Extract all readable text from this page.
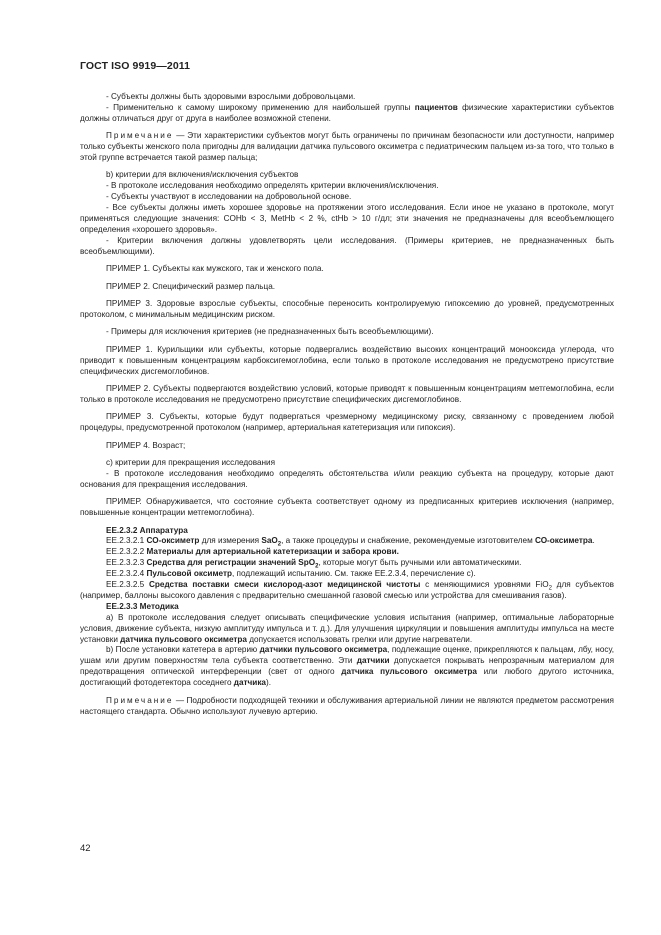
ГОСТ ISO 9919—2011

- Субъекты должны быть здоровыми взрослыми добровольцами.

- Применительно к самому широкому применению для наибольшей группы пациентов физические характеристики субъектов должны отличаться друг от друга в наиболее возможной степени.

Примечание — Эти характеристики субъектов могут быть ограничены по причинам безопасности или доступности, например только субъекты женского пола пригодны для валидации датчика пульсового оксиметра с педиатрическим пальцем из-за того, что только в этой группе встречается такой размер пальца;

b) критерии для включения/исключения субъектов

- В протоколе исследования необходимо определять критерии включения/исключения.

- Субъекты участвуют в исследовании на добровольной основе.

- Все субъекты должны иметь хорошее здоровье на протяжении этого исследования. Если иное не указано в протоколе, могут применяться следующие значения: COHb < 3, MetHb < 2 %, ctHb > 10 г/дл; эти значения не предназначены для всеобъемлющего определения «хорошего здоровья».

- Критерии включения должны удовлетворять цели исследования. (Примеры критериев, не предназначенных быть всеобъемлющими).

ПРИМЕР 1. Субъекты как мужского, так и женского пола.

ПРИМЕР 2. Специфический размер пальца.

ПРИМЕР 3. Здоровые взрослые субъекты, способные переносить контролируемую гипоксемию до уровней, предусмотренных протоколом, с минимальным медицинским риском.

- Примеры для исключения критериев (не предназначенных быть всеобъемлющими).

ПРИМЕР 1. Курильщики или субъекты, которые подвергались воздействию высоких концентраций монооксида углерода, что приводит к повышенным концентрациям карбоксигемоглобина, если только в протоколе исследования не предусмотрено присутствие специфических дисгемоглобинов.

ПРИМЕР 2. Субъекты подвергаются воздействию условий, которые приводят к повышенным концентрациям метгемоглобина, если только в протоколе исследования не предусмотрено присутствие специфических дисгемоглобинов.

ПРИМЕР 3. Субъекты, которые будут подвергаться чрезмерному медицинскому риску, связанному с проведением любой процедуры, предусмотренной протоколом (например, артериальная катетеризация или гипоксия).

ПРИМЕР 4. Возраст;

c) критерии для прекращения исследования

- В протоколе исследования необходимо определять обстоятельства и/или реакцию субъекта на процедуру, которые дают основания для прекращения исследования.

ПРИМЕР. Обнаруживается, что состояние субъекта соответствует одному из предписанных критериев исключения (например, повышенные концентрации метгемоглобина).

EE.2.3.2 Аппаратура

EE.2.3.2.1 СО-оксиметр для измерения SaO$_2$, а также процедуры и снабжение, рекомендуемые изготовителем СО-оксиметра.

EE.2.3.2.2 Материалы для артериальной катетеризации и забора крови.

EE.2.3.2.3 Средства для регистрации значений SpO$_2$, которые могут быть ручными или автоматическими.

EE.2.3.2.4 Пульсовой оксиметр, подлежащий испытанию. См. также EE.2.3.4, перечисление с).

EE.2.3.2.5 Средства поставки смеси кислород-азот медицинской чистоты с меняющимися уровнями FiO$_2$ для субъектов (например, баллоны высокого давления с предварительно смешанной газовой смесью или устройства для смешивания газов).

EE.2.3.3 Методика

a) В протоколе исследования следует описывать специфические условия испытания (например, оптимальные лабораторные условия, движение субъекта, низкую амплитуду импульса и т. д.). Для улучшения циркуляции и повышения амплитуды импульса на месте установки датчика пульсового оксиметра допускается использовать грелки или другие нагреватели.

b) После установки катетера в артерию датчики пульсового оксиметра, подлежащие оценке, прикрепляются к пальцам, лбу, носу, ушам или другим поверхностям тела субъекта соответственно. Эти датчики допускается покрывать непрозрачным материалом для предотвращения оптической интерференции (свет от одного датчика пульсового оксиметра или любого другого источника, достигающий фотодетектора соседнего датчика).

Примечание — Подробности подходящей техники и обслуживания артериальной линии не являются предметом рассмотрения настоящего стандарта. Обычно используют лучевую артерию.

42
